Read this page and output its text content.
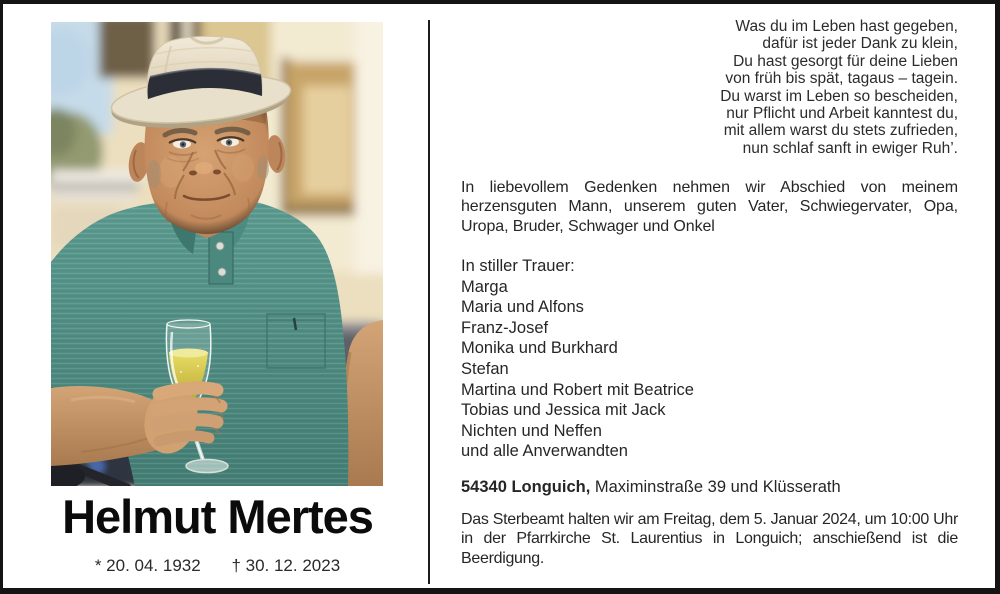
Helmut Mertes
* 20. 04. 1932 † 30. 12. 2023
Was du im Leben hast gegeben,
dafür ist jeder Dank zu klein,
Du hast gesorgt für deine Lieben
von früh bis spät, tagaus – tagein.
Du warst im Leben so bescheiden,
nur Pflicht und Arbeit kanntest du,
mit allem warst du stets zufrieden,
nun schlaf sanft in ewiger Ruh’.
In liebevollem Gedenken nehmen wir Abschied von meinem
herzensguten Mann, unserem guten Vater, Schwiegervater, Opa,
Uropa, Bruder, Schwager und Onkel
In stiller Trauer:
Marga
Maria und Alfons
Franz-Josef
Monika und Burkhard
Stefan
Martina und Robert mit Beatrice
Tobias und Jessica mit Jack
Nichten und Neffen
und alle Anverwandten
54340 Longuich, Maximinstraße 39 und Klüsserath
Das Sterbeamt halten wir am Freitag, dem 5. Januar 2024, um 10:00 Uhr
in der Pfarrkirche St. Laurentius in Longuich; anschießend ist die
Beerdigung.
